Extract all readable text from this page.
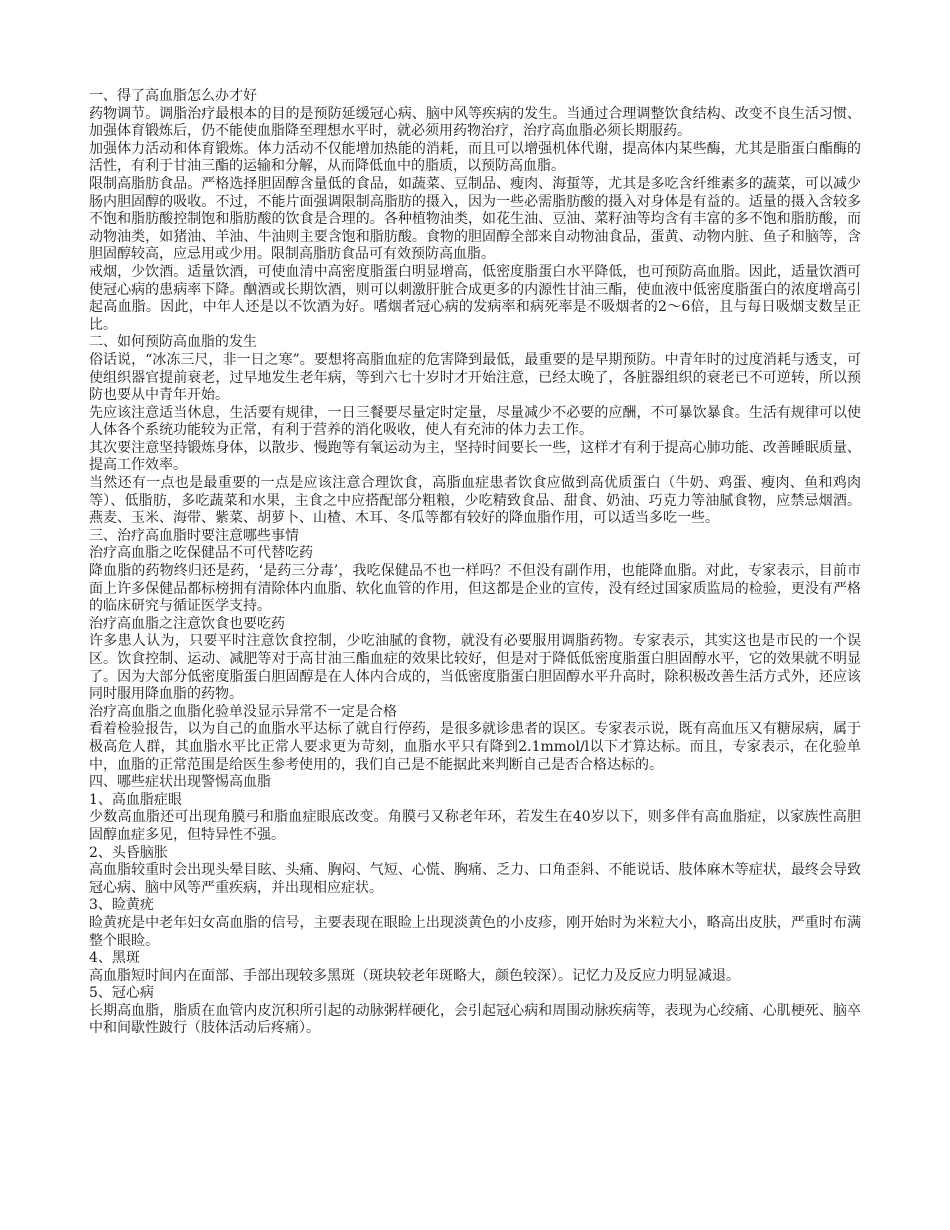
一、得了高血脂怎么办才好

药物调节。调脂治疗最根本的目的是预防延缓冠心病、脑中风等疾病的发生。当通过合理调整饮食结构、改变不良生活习惯、加强体育锻炼后，仍不能使血脂降至理想水平时，就必须用药物治疗，治疗高血脂必须长期服药。

加强体力活动和体育锻炼。体力活动不仅能增加热能的消耗，而且可以增强机体代谢，提高体内某些酶，尤其是脂蛋白酯酶的活性，有利于甘油三酯的运输和分解，从而降低血中的脂质，以预防高血脂。

限制高脂肪食品。严格选择胆固醇含量低的食品，如蔬菜、豆制品、瘦肉、海蜇等，尤其是多吃含纤维素多的蔬菜，可以减少肠内胆固醇的吸收。不过，不能片面强调限制高脂肪的摄入，因为一些必需脂肪酸的摄入对身体是有益的。适量的摄入含较多不饱和脂肪酸控制饱和脂肪酸的饮食是合理的。各种植物油类，如花生油、豆油、菜籽油等均含有丰富的多不饱和脂肪酸，而动物油类，如猪油、羊油、牛油则主要含饱和脂肪酸。食物的胆固醇全部来自动物油食品，蛋黄、动物内脏、鱼子和脑等，含胆固醇较高，应忌用或少用。限制高脂肪食品可有效预防高血脂。

戒烟，少饮酒。适量饮酒，可使血清中高密度脂蛋白明显增高，低密度脂蛋白水平降低，也可预防高血脂。因此，适量饮酒可使冠心病的患病率下降。酗酒或长期饮酒，则可以刺激肝脏合成更多的内源性甘油三酯，使血液中低密度脂蛋白的浓度增高引起高血脂。因此，中年人还是以不饮酒为好。嗜烟者冠心病的发病率和病死率是不吸烟者的2～6倍，且与每日吸烟支数呈正比。

二、如何预防高血脂的发生

俗话说，“冰冻三尺，非一日之寒”。要想将高脂血症的危害降到最低，最重要的是早期预防。中青年时的过度消耗与透支，可使组织器官提前衰老，过早地发生老年病，等到六七十岁时才开始注意，已经太晚了，各脏器组织的衰老已不可逆转，所以预防也要从中青年开始。

先应该注意适当休息，生活要有规律，一日三餐要尽量定时定量，尽量减少不必要的应酬，不可暴饮暴食。生活有规律可以使人体各个系统功能较为正常，有利于营养的消化吸收，使人有充沛的体力去工作。

其次要注意坚持锻炼身体，以散步、慢跑等有氧运动为主，坚持时间要长一些，这样才有利于提高心肺功能、改善睡眠质量、提高工作效率。

当然还有一点也是最重要的一点是应该注意合理饮食，高脂血症患者饮食应做到高优质蛋白（牛奶、鸡蛋、瘦肉、鱼和鸡肉等）、低脂肪，多吃蔬菜和水果，主食之中应搭配部分粗粮，少吃精致食品、甜食、奶油、巧克力等油腻食物，应禁忌烟酒。燕麦、玉米、海带、紫菜、胡萝卜、山楂、木耳、冬瓜等都有较好的降血脂作用，可以适当多吃一些。

三、治疗高血脂时要注意哪些事情

治疗高血脂之吃保健品不可代替吃药

降血脂的药物终归还是药，‘是药三分毒’，我吃保健品不也一样吗？不但没有副作用，也能降血脂。对此，专家表示，目前市面上许多保健品都标榜拥有清除体内血脂、软化血管的作用，但这都是企业的宣传，没有经过国家质监局的检验，更没有严格的临床研究与循证医学支持。

治疗高血脂之注意饮食也要吃药

许多患人认为，只要平时注意饮食控制，少吃油腻的食物，就没有必要服用调脂药物。专家表示，其实这也是市民的一个误区。饮食控制、运动、减肥等对于高甘油三酯血症的效果比较好，但是对于降低低密度脂蛋白胆固醇水平，它的效果就不明显了。因为大部分低密度脂蛋白胆固醇是在人体内合成的，当低密度脂蛋白胆固醇水平升高时，除积极改善生活方式外，还应该同时服用降血脂的药物。

治疗高血脂之血脂化验单没显示异常不一定是合格

看着检验报告，以为自己的血脂水平达标了就自行停药，是很多就诊患者的误区。专家表示说，既有高血压又有糖尿病，属于极高危人群，其血脂水平比正常人要求更为苛刻，血脂水平只有降到2.1mmol/l以下才算达标。而且，专家表示，在化验单中，血脂的正常范围是给医生参考使用的，我们自己是不能据此来判断自己是否合格达标的。

四、哪些症状出现警惕高血脂

1、高血脂症眼

少数高血脂还可出现角膜弓和脂血症眼底改变。角膜弓又称老年环，若发生在40岁以下，则多伴有高血脂症，以家族性高胆固醇血症多见，但特异性不强。

2、头昏脑胀

高血脂较重时会出现头晕目眩、头痛、胸闷、气短、心慌、胸痛、乏力、口角歪斜、不能说话、肢体麻木等症状，最终会导致冠心病、脑中风等严重疾病，并出现相应症状。

3、睑黄疣

睑黄疣是中老年妇女高血脂的信号，主要表现在眼睑上出现淡黄色的小皮疹，刚开始时为米粒大小，略高出皮肤，严重时布满整个眼睑。

4、黑斑

高血脂短时间内在面部、手部出现较多黑斑（斑块较老年斑略大，颜色较深）。记忆力及反应力明显减退。

5、冠心病

长期高血脂，脂质在血管内皮沉积所引起的动脉粥样硬化，会引起冠心病和周围动脉疾病等，表现为心绞痛、心肌梗死、脑卒中和间歇性跛行（肢体活动后疼痛）。
